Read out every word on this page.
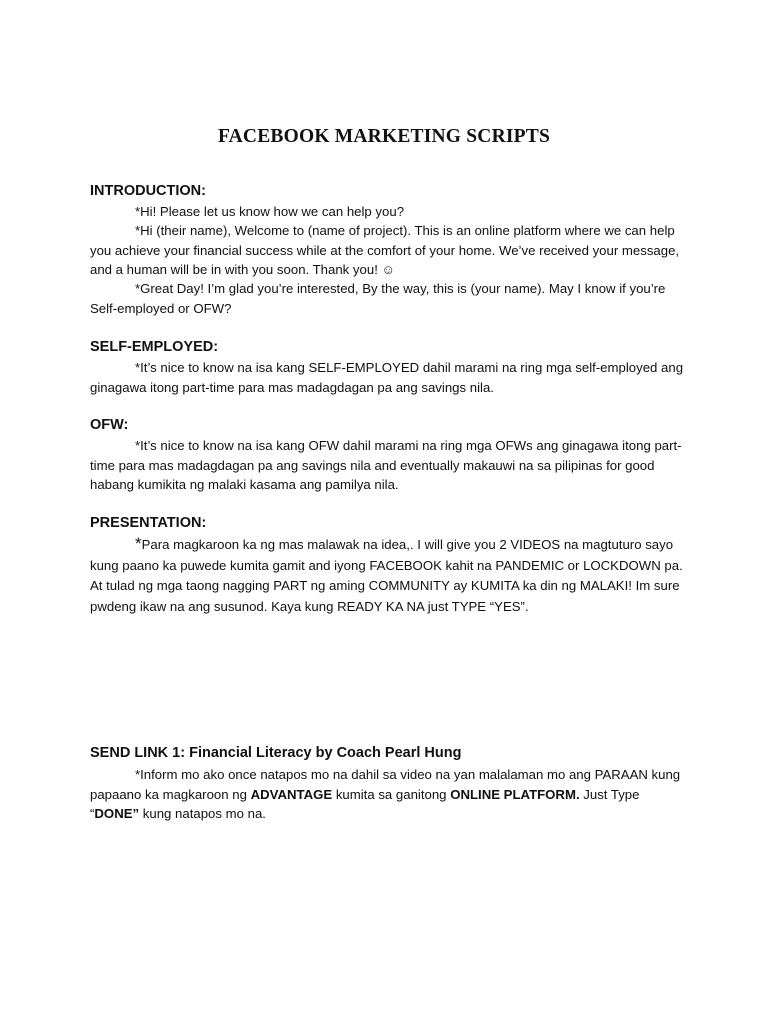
FACEBOOK MARKETING SCRIPTS
INTRODUCTION:

*Hi! Please let us know how we can help you?

*Hi (their name), Welcome to (name of project). This is an online platform where we can help you achieve your financial success while at the comfort of your home. We’ve received your message, and a human will be in with you soon. Thank you! ☺

*Great Day! I’m glad you’re interested, By the way, this is (your name). May I know if you’re Self-employed or OFW?

SELF-EMPLOYED:

*It’s nice to know na isa kang SELF-EMPLOYED dahil marami na ring mga self-employed ang ginagawa itong part-time para mas madagdagan pa ang savings nila.

OFW:

*It’s nice to know na isa kang OFW dahil marami na ring mga OFWs ang ginagawa itong part-time para mas madagdagan pa ang savings nila and eventually makauwi na sa pilipinas for good habang kumikita ng malaki kasama ang pamilya nila.

PRESENTATION:

*Para magkaroon ka ng mas malawak na idea,. I will give you 2 VIDEOS na magtuturo sayo kung paano ka puwede kumita gamit and iyong FACEBOOK kahit na PANDEMIC or LOCKDOWN pa. At tulad ng mga taong nagging PART ng aming COMMUNITY ay KUMITA ka din ng MALAKI! Im sure pwdeng ikaw na ang susunod. Kaya kung READY KA NA just TYPE “YES”.

SEND LINK 1: Financial Literacy by Coach Pearl Hung

*Inform mo ako once natapos mo na dahil sa video na yan malalaman mo ang PARAAN kung papaano ka magkaroon ng ADVANTAGE kumita sa ganitong ONLINE PLATFORM. Just Type “DONE” kung natapos mo na.
